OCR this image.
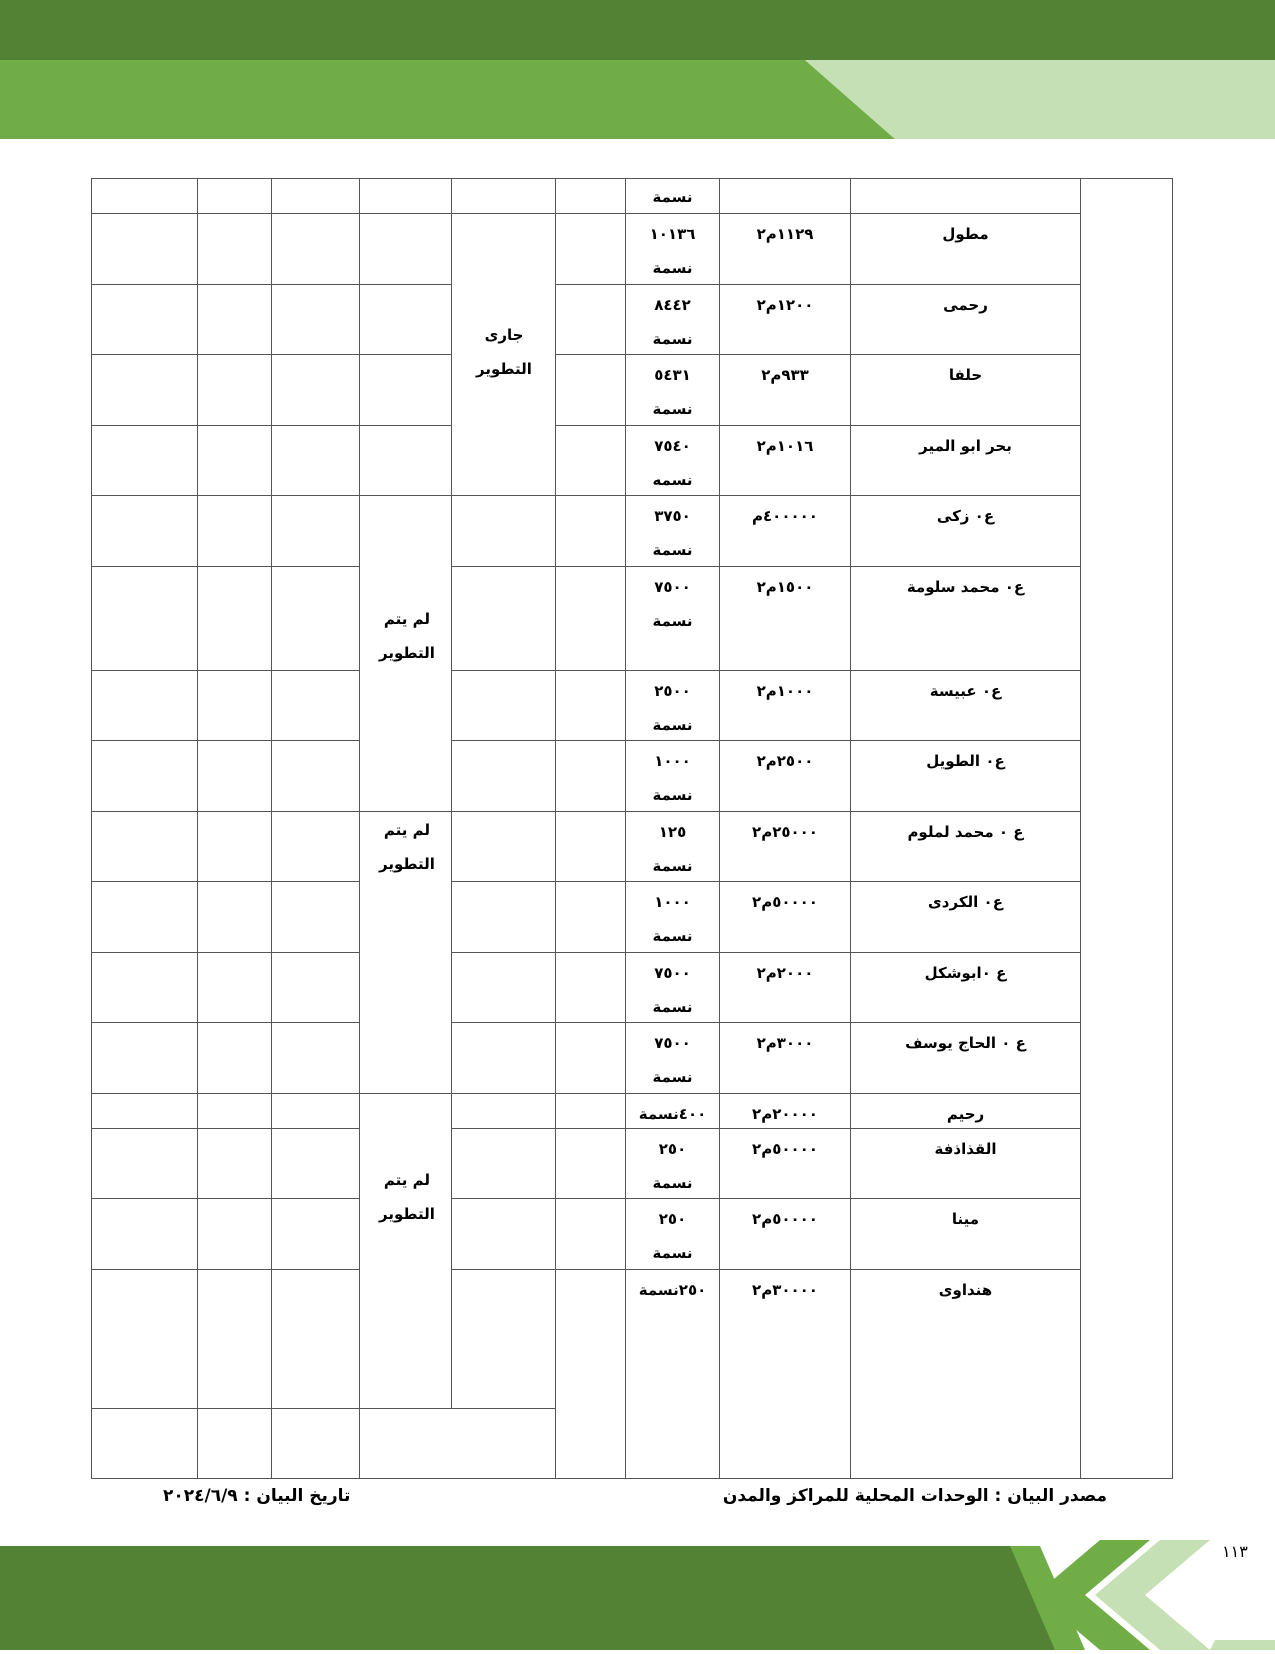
نسمة
جارى التطوير
لم يتم التطوير
لم يتم التطوير
لم يتم التطوير
مطول
١١٢٩م٢
١٠١٣٦ نسمة
رحمى
١٢٠٠م٢
٨٤٤٢ نسمة
حلفا
٩٣٣م٢
٥٤٣١ نسمة
بحر ابو المير
١٠١٦م٢
٧٥٤٠ نسمه
ع٠ زكى
٤٠٠٠٠٠م
٣٧٥٠ نسمة
ع٠ محمد سلومة
١٥٠٠م٢
٧٥٠٠ نسمة
ع٠ عبيسة
١٠٠٠م٢
٢٥٠٠ نسمة
ع٠ الطويل
٢٥٠٠م٢
١٠٠٠ نسمة
ع ٠ محمد لملوم
٢٥٠٠٠م٢
١٢٥ نسمة
ع٠ الكردى
٥٠٠٠٠م٢
١٠٠٠ نسمة
ع ٠ابوشكل
٢٠٠٠م٢
٧٥٠٠ نسمة
ع ٠ الحاج يوسف
٣٠٠٠م٢
٧٥٠٠ نسمة
رحيم
٢٠٠٠٠م٢
٤٠٠نسمة
القذاذفة
٥٠٠٠٠م٢
٢٥٠ نسمة
مينا
٥٠٠٠٠م٢
٢٥٠ نسمة
هنداوى
٣٠٠٠٠م٢
٢٥٠نسمة
مصدر البيان : الوحدات المحلية للمراكز والمدن
تاريخ البيان : ٢٠٢٤/٦/٩
١١٣
